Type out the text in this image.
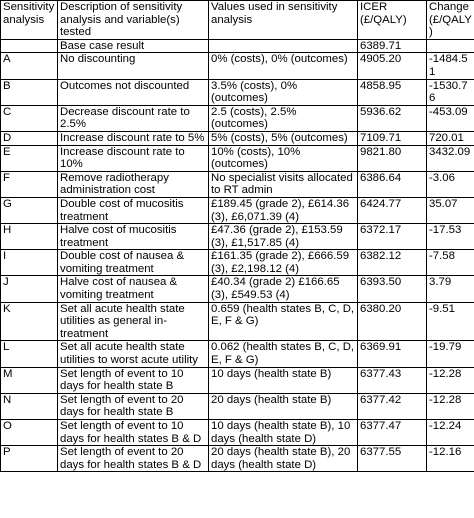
Sensitivity analysis	Description of sensitivity analysis and variable(s) tested	Values used in sensitivity analysis	ICER (£/QALY)	Change (£/QALY)
	Base case result		6389.71	
A	No discounting	0% (costs), 0% (outcomes)	4905.20	-1484.51
B	Outcomes not discounted	3.5% (costs), 0% (outcomes)	4858.95	-1530.76
C	Decrease discount rate to 2.5%	2.5 (costs), 2.5% (outcomes)	5936.62	-453.09
D	Increase discount rate to 5%	5% (costs), 5% (outcomes)	7109.71	720.01
E	Increase discount rate to 10%	10% (costs), 10% (outcomes)	9821.80	3432.09
F	Remove radiotherapy administration cost	No specialist visits allocated to RT admin	6386.64	-3.06
G	Double cost of mucositis treatment	£189.45 (grade 2), £614.36 (3), £6,071.39 (4)	6424.77	35.07
H	Halve cost of mucositis treatment	£47.36 (grade 2), £153.59 (3), £1,517.85 (4)	6372.17	-17.53
I	Double cost of nausea & vomiting treatment	£161.35 (grade 2), £666.59 (3), £2,198.12 (4)	6382.12	-7.58
J	Halve cost of nausea & vomiting treatment	£40.34 (grade 2) £166.65 (3), £549.53 (4)	6393.50	3.79
K	Set all acute health state utilities as general in-treatment	0.659 (health states B, C, D, E, F & G)	6380.20	-9.51
L	Set all acute health state utilities to worst acute utility	0.062 (health states B, C, D, E, F & G)	6369.91	-19.79
M	Set length of event to 10 days for health state B	10 days (health state B)	6377.43	-12.28
N	Set length of event to 20 days for health state B	20 days (health state B)	6377.42	-12.28
O	Set length of event to 10 days for health states B & D	10 days (health state B), 10 days (health state D)	6377.47	-12.24
P	Set length of event to 20 days for health states B & D	20 days (health state B), 20 days (health state D)	6377.55	-12.16
